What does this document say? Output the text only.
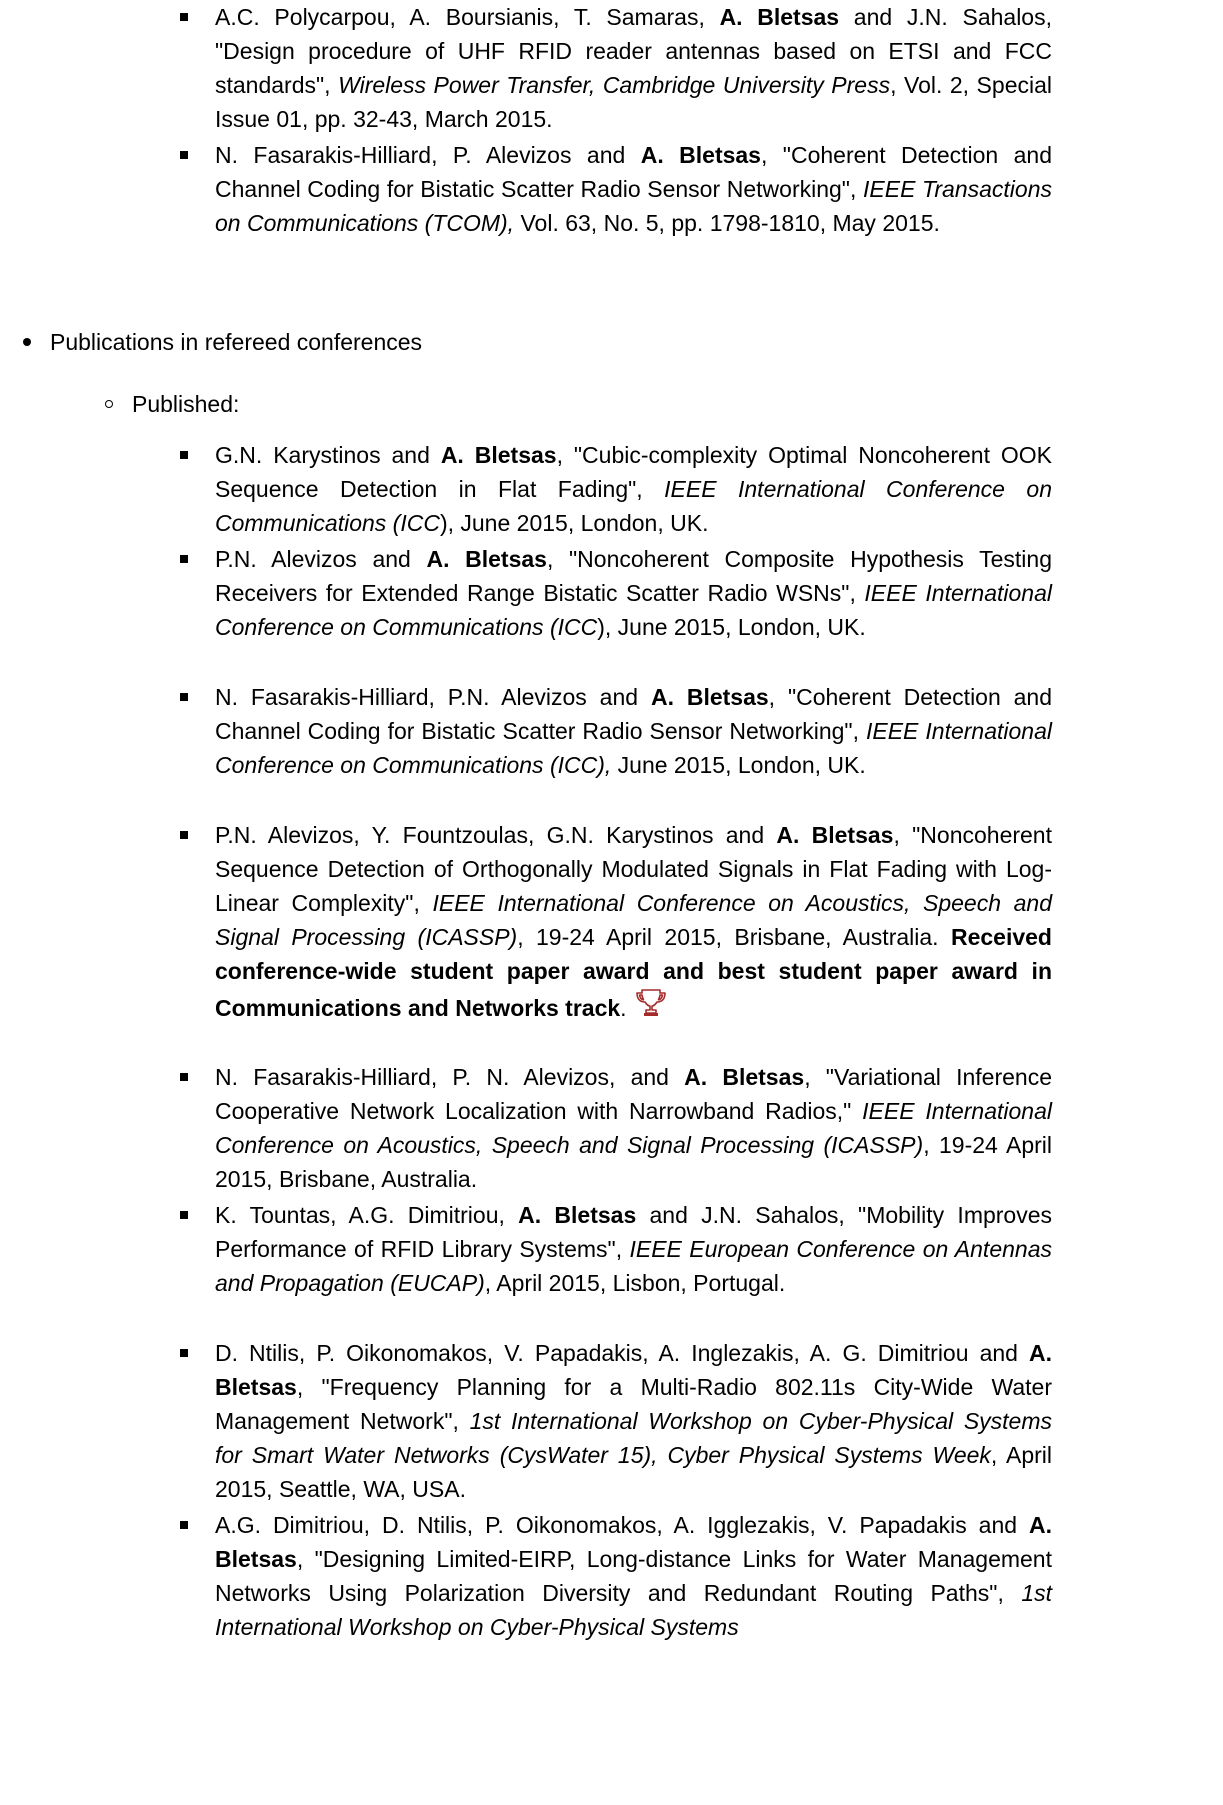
A.C. Polycarpou, A. Boursianis, T. Samaras, A. Bletsas and J.N. Sahalos, "Design procedure of UHF RFID reader antennas based on ETSI and FCC standards", Wireless Power Transfer, Cambridge University Press, Vol. 2, Special Issue 01, pp. 32-43, March 2015.

N. Fasarakis-Hilliard, P. Alevizos and A. Bletsas, "Coherent Detection and Channel Coding for Bistatic Scatter Radio Sensor Networking", IEEE Transactions on Communications (TCOM), Vol. 63, No. 5, pp. 1798-1810, May 2015.

Publications in refereed conferences

Published:

G.N. Karystinos and A. Bletsas, "Cubic-complexity Optimal Noncoherent OOK Sequence Detection in Flat Fading", IEEE International Conference on Communications (ICC), June 2015, London, UK.

P.N. Alevizos and A. Bletsas, "Noncoherent Composite Hypothesis Testing Receivers for Extended Range Bistatic Scatter Radio WSNs", IEEE International Conference on Communications (ICC), June 2015, London, UK.

N. Fasarakis-Hilliard, P.N. Alevizos and A. Bletsas, "Coherent Detection and Channel Coding for Bistatic Scatter Radio Sensor Networking", IEEE International Conference on Communications (ICC), June 2015, London, UK.

P.N. Alevizos, Y. Fountzoulas, G.N. Karystinos and A. Bletsas, "Noncoherent Sequence Detection of Orthogonally Modulated Signals in Flat Fading with Log-Linear Complexity", IEEE International Conference on Acoustics, Speech and Signal Processing (ICASSP), 19-24 April 2015, Brisbane, Australia. Received conference-wide student paper award and best student paper award in Communications and Networks track.

N. Fasarakis-Hilliard, P. N. Alevizos, and A. Bletsas, "Variational Inference Cooperative Network Localization with Narrowband Radios," IEEE International Conference on Acoustics, Speech and Signal Processing (ICASSP), 19-24 April 2015, Brisbane, Australia.

K. Tountas, A.G. Dimitriou, A. Bletsas and J.N. Sahalos, "Mobility Improves Performance of RFID Library Systems", IEEE European Conference on Antennas and Propagation (EUCAP), April 2015, Lisbon, Portugal.

D. Ntilis, P. Oikonomakos, V. Papadakis, A. Inglezakis, A. G. Dimitriou and A. Bletsas, "Frequency Planning for a Multi-Radio 802.11s City-Wide Water Management Network", 1st International Workshop on Cyber-Physical Systems for Smart Water Networks (CysWater 15), Cyber Physical Systems Week, April 2015, Seattle, WA, USA.

A.G. Dimitriou, D. Ntilis, P. Oikonomakos, A. Igglezakis, V. Papadakis and A. Bletsas, "Designing Limited-EIRP, Long-distance Links for Water Management Networks Using Polarization Diversity and Redundant Routing Paths", 1st International Workshop on Cyber-Physical Systems
